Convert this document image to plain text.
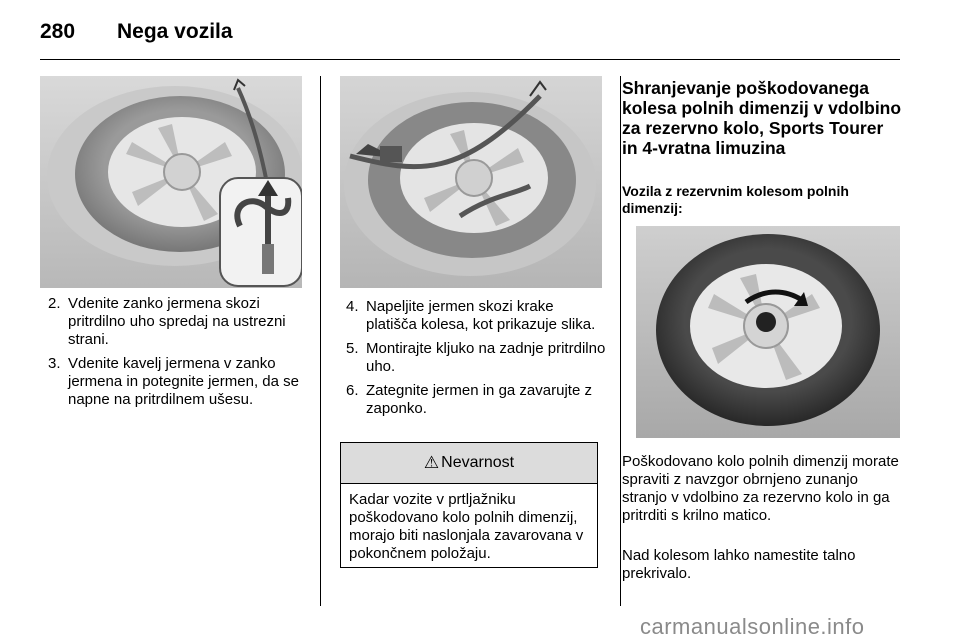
280 Nega vozila
2. Vdenite zanko jermena skozi pritrdilno uho spredaj na ustrezni strani.
3. Vdenite kavelj jermena v zanko jermena in potegnite jermen, da se napne na pritrdilnem ušesu.
4. Napeljite jermen skozi krake platišča kolesa, kot prikazuje slika.
5. Montirajte kljuko na zadnje pritrdilno uho.
6. Zategnite jermen in ga zavarujte z zaponko.
⚠ Nevarnost
Kadar vozite v prtljažniku poškodovano kolo polnih dimenzij, morajo biti naslonjala zavarovana v pokončnem položaju.
Shranjevanje poškodovanega kolesa polnih dimenzij v vdolbino za rezervno kolo, Sports Tourer in 4-vratna limuzina
Vozila z rezervnim kolesom polnih dimenzij:

Poškodovano kolo polnih dimenzij morate spraviti z navzgor obrnjeno zunanjo stranjo v vdolbino za rezervno kolo in ga pritrditi s krilno matico.

Nad kolesom lahko namestite talno prekrivalo.

carmanualsonline.info
